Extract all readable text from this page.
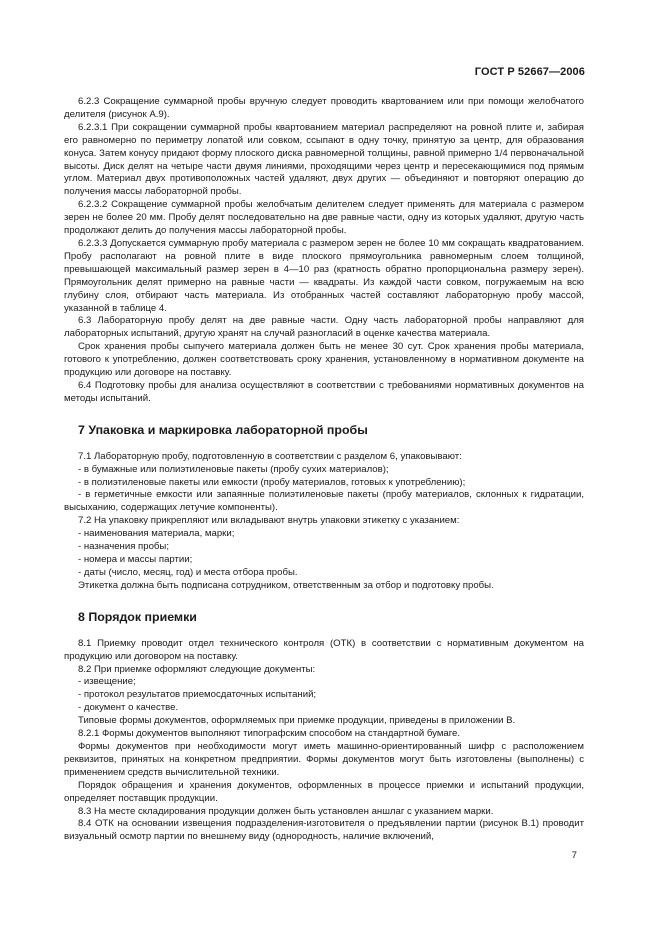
ГОСТ Р 52667—2006

6.2.3 Сокращение суммарной пробы вручную следует проводить квартованием или при помощи желобчатого делителя (рисунок А.9).

6.2.3.1 При сокращении суммарной пробы квартованием материал распределяют на ровной плите и, забирая его равномерно по периметру лопатой или совком, ссыпают в одну точку, принятую за центр, для образования конуса. Затем конусу придают форму плоского диска равномерной толщины, равной примерно 1/4 первоначальной высоты. Диск делят на четыре части двумя линиями, проходящими через центр и пересекающимися под прямым углом. Материал двух противоположных частей удаляют, двух других — объединяют и повторяют операцию до получения массы лабораторной пробы.

6.2.3.2 Сокращение суммарной пробы желобчатым делителем следует применять для материала с размером зерен не более 20 мм. Пробу делят последовательно на две равные части, одну из которых удаляют, другую часть продолжают делить до получения массы лабораторной пробы.

6.2.3.3 Допускается суммарную пробу материала с размером зерен не более 10 мм сокращать квадратованием. Пробу располагают на ровной плите в виде плоского прямоугольника равномерным слоем толщиной, превышающей максимальный размер зерен в 4—10 раз (кратность обратно пропорциональна размеру зерен). Прямоугольник делят примерно на равные части — квадраты. Из каждой части совком, погружаемым на всю глубину слоя, отбирают часть материала. Из отобранных частей составляют лабораторную пробу массой, указанной в таблице 4.

6.3 Лабораторную пробу делят на две равные части. Одну часть лабораторной пробы направляют для лабораторных испытаний, другую хранят на случай разногласий в оценке качества материала.

Срок хранения пробы сыпучего материала должен быть не менее 30 сут. Срок хранения пробы материала, готового к употреблению, должен соответствовать сроку хранения, установленному в нормативном документе на продукцию или договоре на поставку.

6.4 Подготовку пробы для анализа осуществляют в соответствии с требованиями нормативных документов на методы испытаний.

7 Упаковка и маркировка лабораторной пробы

7.1 Лабораторную пробу, подготовленную в соответствии с разделом 6, упаковывают:

- в бумажные или полиэтиленовые пакеты (пробу сухих материалов);

- в полиэтиленовые пакеты или емкости (пробу материалов, готовых к употреблению);

- в герметичные емкости или запаянные полиэтиленовые пакеты (пробу материалов, склонных к гидратации, высыханию, содержащих летучие компоненты).

7.2 На упаковку прикрепляют или вкладывают внутрь упаковки этикетку с указанием:

- наименования материала, марки;

- назначения пробы;

- номера и массы партии;

- даты (число, месяц, год) и места отбора пробы.

Этикетка должна быть подписана сотрудником, ответственным за отбор и подготовку пробы.

8 Порядок приемки

8.1 Приемку проводит отдел технического контроля (ОТК) в соответствии с нормативным документом на продукцию или договором на поставку.

8.2 При приемке оформляют следующие документы:

- извещение;

- протокол результатов приемосдаточных испытаний;

- документ о качестве.

Типовые формы документов, оформляемых при приемке продукции, приведены в приложении В.

8.2.1 Формы документов выполняют типографским способом на стандартной бумаге.

Формы документов при необходимости могут иметь машинно-ориентированный шифр с расположением реквизитов, принятых на конкретном предприятии. Формы документов могут быть изготовлены (выполнены) с применением средств вычислительной техники.

Порядок обращения и хранения документов, оформленных в процессе приемки и испытаний продукции, определяет поставщик продукции.

8.3 На месте складирования продукции должен быть установлен аншлаг с указанием марки.

8.4 ОТК на основании извещения подразделения-изготовителя о предъявлении партии (рисунок В.1) проводит визуальный осмотр партии по внешнему виду (однородность, наличие включений,

7
